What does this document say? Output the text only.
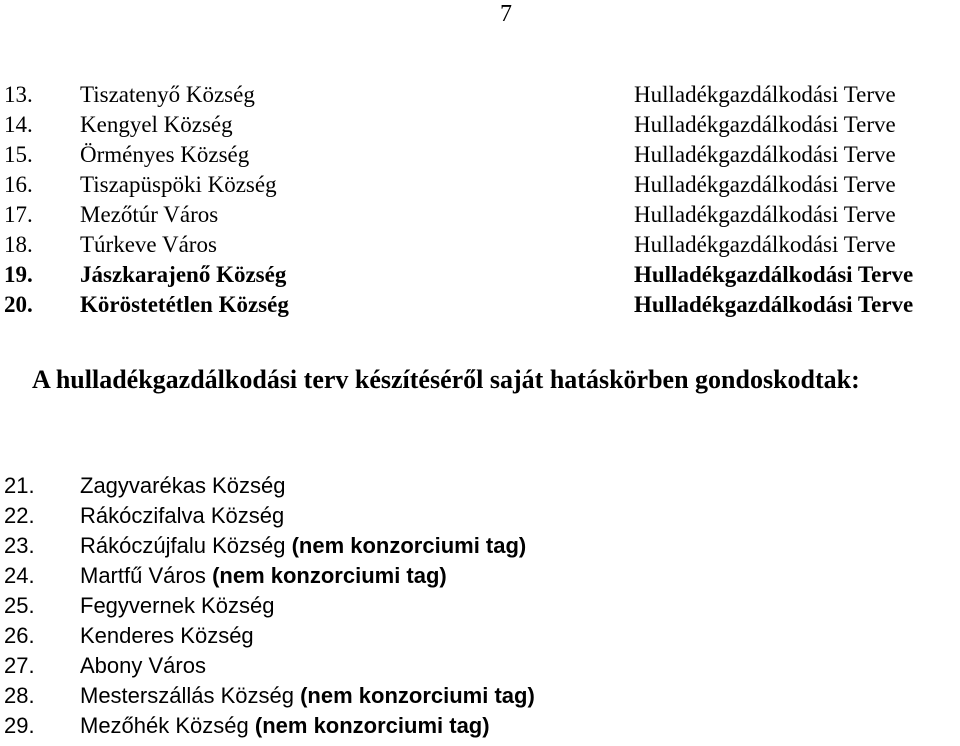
7
13. Tiszatenyő Község	Hulladékgazdálkodási Terve
14. Kengyel Község	Hulladékgazdálkodási Terve
15. Örményes Község	Hulladékgazdálkodási Terve
16. Tiszapüspöki Község	Hulladékgazdálkodási Terve
17. Mezőtúr Város	Hulladékgazdálkodási Terve
18. Túrkeve Város	Hulladékgazdálkodási Terve
19. Jászkarajenő Község	Hulladékgazdálkodási Terve
20. Köröstetétlen Község	Hulladékgazdálkodási Terve
A hulladékgazdálkodási terv készítéséről saját hatáskörben gondoskodtak:
21. Zagyvarékas Község
22. Rákóczifalva Község
23. Rákóczújfalu Község (nem konzorciumi tag)
24. Martfű Város (nem konzorciumi tag)
25. Fegyvernek Község
26. Kenderes Község
27. Abony Város
28. Mesterszállás Község (nem konzorciumi tag)
29. Mezőhék Község (nem konzorciumi tag)
